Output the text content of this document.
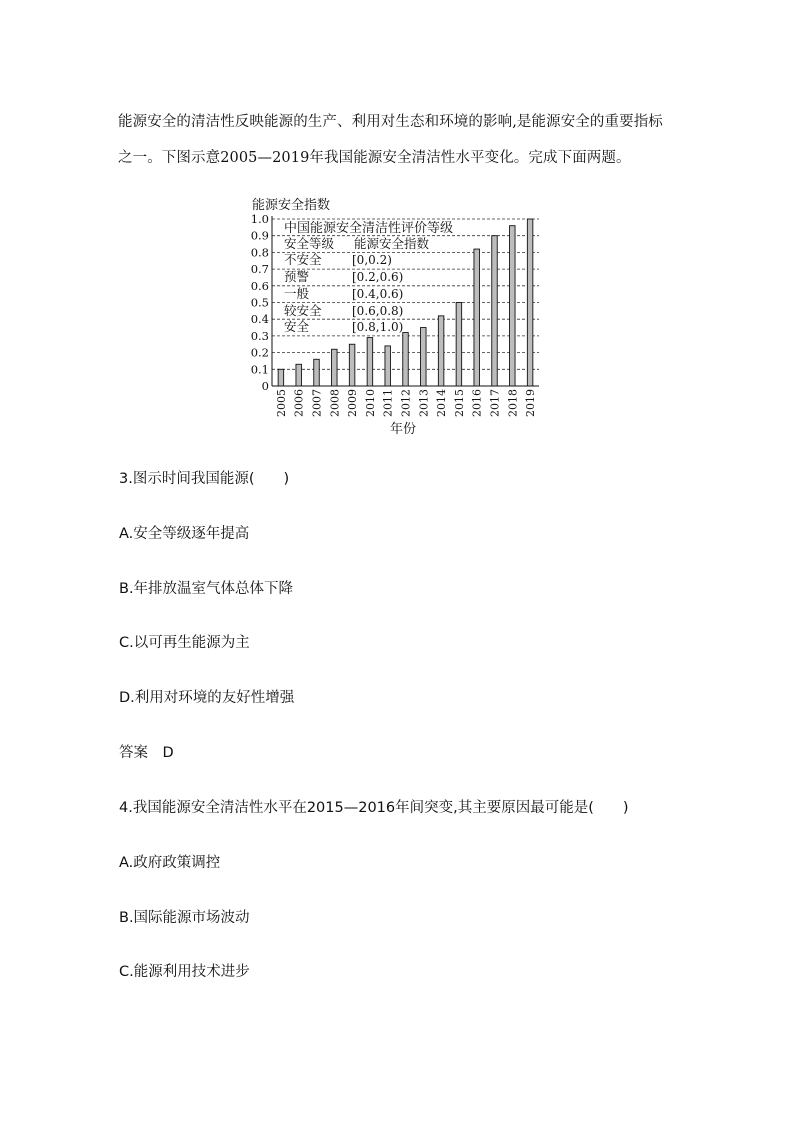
能源安全的清洁性反映能源的生产、利用对生态和环境的影响,是能源安全的重要指标
之一。下图示意2005—2019年我国能源安全清洁性水平变化。完成下面两题。
能源安全指数
0
0.1
0.2
0.3
0.4
0.5
0.6
0.7
0.8
0.9
1.0
2005 2006 2007 2008 2009 2010 2011 2012 2013 2014 2015 2016 2017 2018 2019
年份
中国能源安全清洁性评价等级
安全等级 能源安全指数
不安全	[0,0.2)
预警	[0.2,0.6)
一般	[0.4,0.6)
较安全	[0.6,0.8)
安全	[0.8,1.0)
3.图示时间我国能源(　　)
A.安全等级逐年提高
B.年排放温室气体总体下降
C.以可再生能源为主
D.利用对环境的友好性增强
答案　D
4.我国能源安全清洁性水平在2015—2016年间突变,其主要原因最可能是(　　)
A.政府政策调控
B.国际能源市场波动
C.能源利用技术进步
